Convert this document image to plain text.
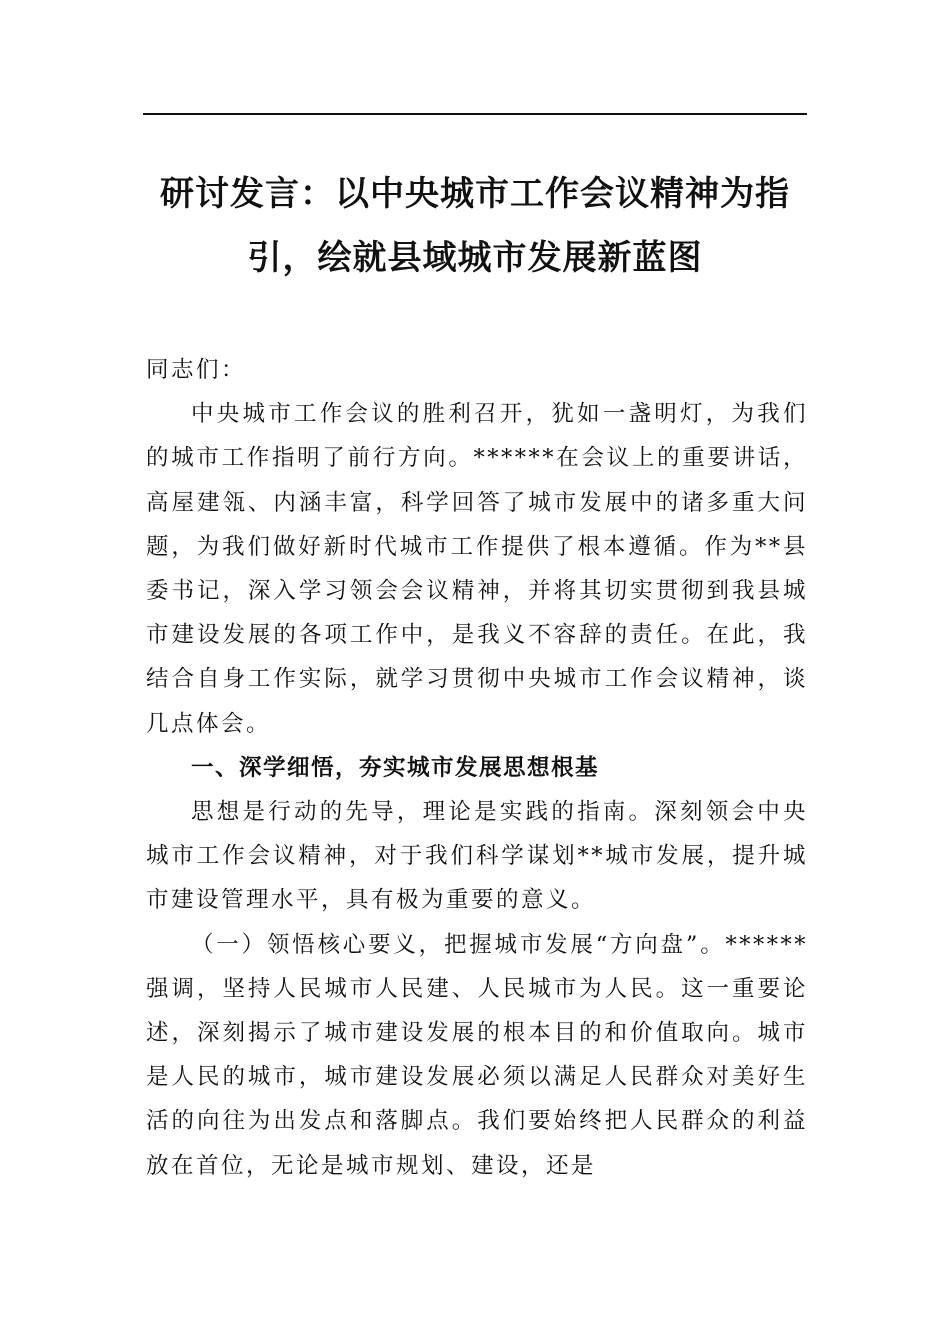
研讨发言：以中央城市工作会议精神为指
引，绘就县域城市发展新蓝图

同志们：

中央城市工作会议的胜利召开，犹如一盏明灯，为我们的城市工作指明了前行方向。******在会议上的重要讲话，高屋建瓴、内涵丰富，科学回答了城市发展中的诸多重大问题，为我们做好新时代城市工作提供了根本遵循。作为**县委书记，深入学习领会会议精神，并将其切实贯彻到我县城市建设发展的各项工作中，是我义不容辞的责任。在此，我结合自身工作实际，就学习贯彻中央城市工作会议精神，谈几点体会。

一、深学细悟，夯实城市发展思想根基

思想是行动的先导，理论是实践的指南。深刻领会中央城市工作会议精神，对于我们科学谋划**城市发展，提升城市建设管理水平，具有极为重要的意义。

（一）领悟核心要义，把握城市发展“方向盘”。******强调，坚持人民城市人民建、人民城市为人民。这一重要论述，深刻揭示了城市建设发展的根本目的和价值取向。城市是人民的城市，城市建设发展必须以满足人民群众对美好生活的向往为出发点和落脚点。我们要始终把人民群众的利益放在首位，无论是城市规划、建设，还是
